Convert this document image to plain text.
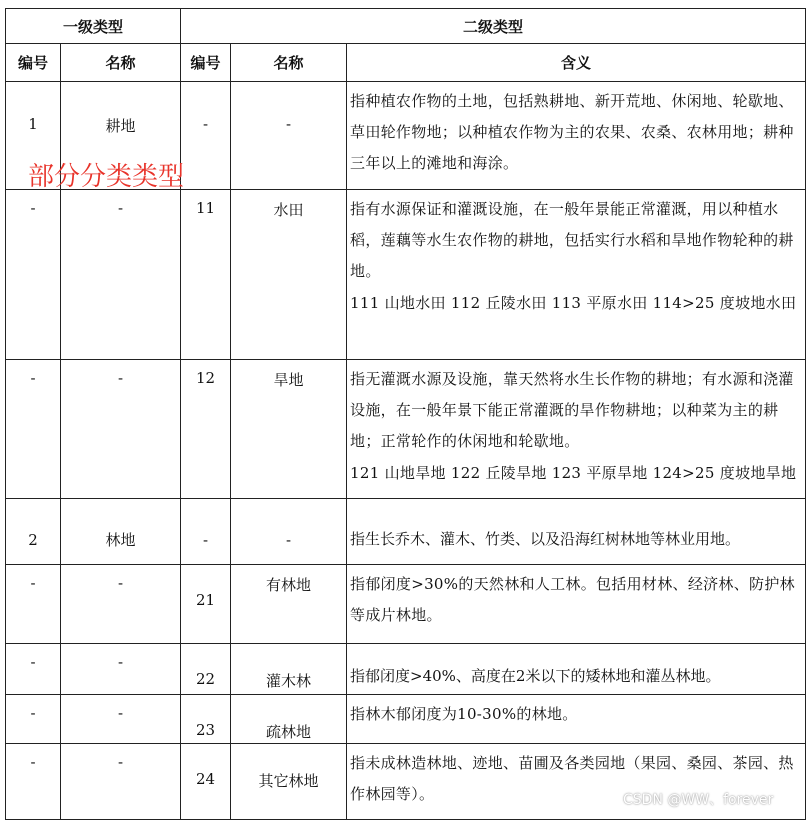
一级类型		二级类型		
编号	名称	编号	名称	含义
1	耕地	-	-	指种植农作物的土地，包括熟耕地、新开荒地、休闲地、轮歇地、草田轮作物地；以种植农作物为主的农果、农桑、农林用地；耕种三年以上的滩地和海涂。
-	-	11	水田	指有水源保证和灌溉设施，在一般年景能正常灌溉，用以种植水稻，莲藕等水生农作物的耕地，包括实行水稻和旱地作物轮种的耕地。
111 山地水田 112 丘陵水田 113 平原水田 114>25 度坡地水田

-	-	12	旱地	指无灌溉水源及设施，靠天然将水生长作物的耕地；有水源和浇灌设施，在一般年景下能正常灌溉的旱作物耕地；以种菜为主的耕地；正常轮作的休闲地和轮歇地。
121 山地旱地 122 丘陵旱地 123 平原旱地 124>25 度坡地旱地

2	林地	-	-	指生长乔木、灌木、竹类、以及沿海红树林地等林业用地。
-	-	21	有林地	指郁闭度>30%的天然林和人工林。包括用材林、经济林、防护林等成片林地。
-	-	22	灌木林	指郁闭度>40%、高度在2米以下的矮林地和灌丛林地。
-	-	23	疏林地	指林木郁闭度为10-30%的林地。
-	-	24	其它林地	指未成林造林地、迹地、苗圃及各类园地（果园、桑园、茶园、热作林园等）。
部分分类类型
CSDN @WW、forever
